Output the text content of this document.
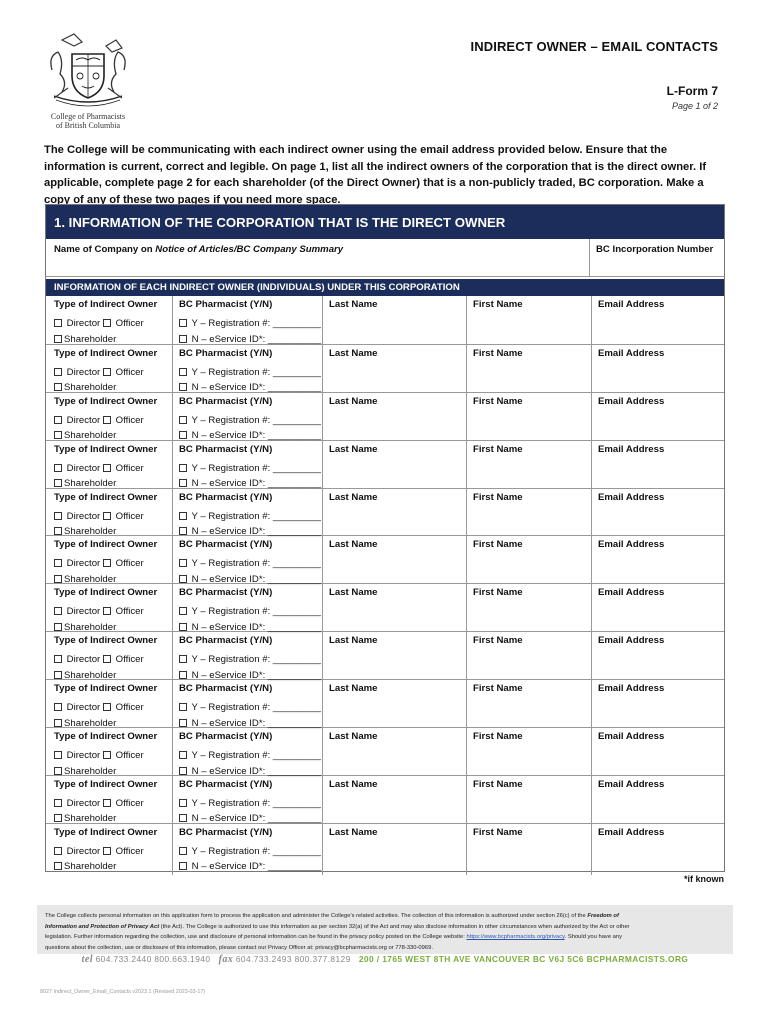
College of Pharmacists
of British Columbia
INDIRECT OWNER – EMAIL CONTACTS
L-Form 7
Page 1 of 2
The College will be communicating with each indirect owner using the email address provided below. Ensure that the information is current, correct and legible. On page 1, list all the indirect owners of the corporation that is the direct owner. If applicable, complete page 2 for each shareholder (of the Direct Owner) that is a non-publicly traded, BC corporation. Make a copy of any of these two pages if you need more space.
1. INFORMATION OF THE CORPORATION THAT IS THE DIRECT OWNER
Name of Company on Notice of Articles/BC Company Summary	BC Incorporation Number
INFORMATION OF EACH INDIRECT OWNER (INDIVIDUALS) UNDER THIS CORPORATION
Type of Indirect Owner
Director Officer
Shareholder
BC Pharmacist (Y/N)
Y – Registration #: _________
N – eService ID*: __________
Last Name	First Name	Email Address
Type of Indirect Owner
Director Officer
Shareholder
BC Pharmacist (Y/N)
Y – Registration #: _________
N – eService ID*: __________
Last Name	First Name	Email Address
Type of Indirect Owner
Director Officer
Shareholder
BC Pharmacist (Y/N)
Y – Registration #: _________
N – eService ID*: __________
Last Name	First Name	Email Address
Type of Indirect Owner
Director Officer
Shareholder
BC Pharmacist (Y/N)
Y – Registration #: _________
N – eService ID*: __________
Last Name	First Name	Email Address
Type of Indirect Owner
Director Officer
Shareholder
BC Pharmacist (Y/N)
Y – Registration #: _________
N – eService ID*: __________
Last Name	First Name	Email Address
Type of Indirect Owner
Director Officer
Shareholder
BC Pharmacist (Y/N)
Y – Registration #: _________
N – eService ID*: __________
Last Name	First Name	Email Address
Type of Indirect Owner
Director Officer
Shareholder
BC Pharmacist (Y/N)
Y – Registration #: _________
N – eService ID*: __________
Last Name	First Name	Email Address
Type of Indirect Owner
Director Officer
Shareholder
BC Pharmacist (Y/N)
Y – Registration #: _________
N – eService ID*: __________
Last Name	First Name	Email Address
Type of Indirect Owner
Director Officer
Shareholder
BC Pharmacist (Y/N)
Y – Registration #: _________
N – eService ID*: __________
Last Name	First Name	Email Address
Type of Indirect Owner
Director Officer
Shareholder
BC Pharmacist (Y/N)
Y – Registration #: _________
N – eService ID*: __________
Last Name	First Name	Email Address
Type of Indirect Owner
Director Officer
Shareholder
BC Pharmacist (Y/N)
Y – Registration #: _________
N – eService ID*: __________
Last Name	First Name	Email Address
Type of Indirect Owner
Director Officer
Shareholder
BC Pharmacist (Y/N)
Y – Registration #: _________
N – eService ID*: __________
Last Name	First Name	Email Address
*if known
The College collects personal information on this application form to process the application and administer the College's related activities. The collection of this information is authorized under section 26(c) of the Freedom of
Information and Protection of Privacy Act (the Act). The College is authorized to use this information as per section 32(a) of the Act and may also disclose information in other circumstances when authorized by the Act or other
legislation. Further information regarding the collection, use and disclosure of personal information can be found in the privacy policy posted on the College website: https://www.bcpharmacists.org/privacy. Should you have any
questions about the collection, use or disclosure of this information, please contact our Privacy Officer at: privacy@bcpharmacists.org or 778-330-0969.
tel 604.733.2440 800.663.1940 fax 604.733.2493 800.377.8129 200 / 1765 WEST 8TH AVE VANCOUVER BC V6J 5C6 BCPHARMACISTS.ORG
8027 Indirect_Owner_Email_Contacts v2023.1 (Revised 2023-03-17)
